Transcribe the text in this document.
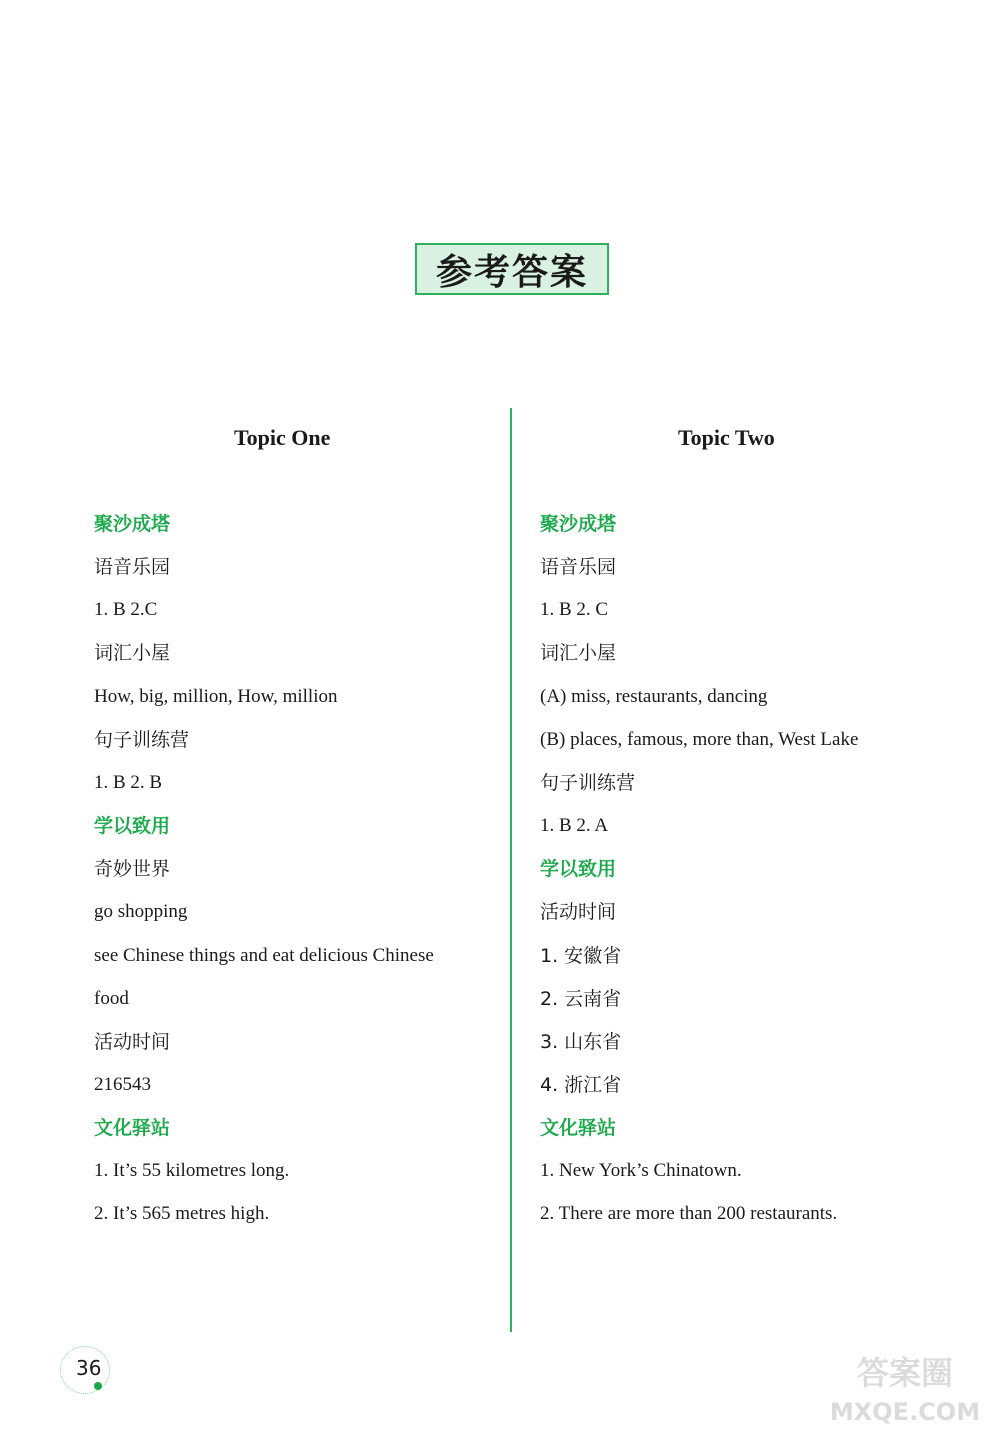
参考答案
Topic One
聚沙成塔
语音乐园
1. B 2.C
词汇小屋
How, big, million, How, million
句子训练营
1. B 2. B
学以致用
奇妙世界
go shopping
see Chinese things and eat delicious Chinese
food
活动时间
216543
文化驿站
1. It’s 55 kilometres long.
2. It’s 565 metres high.
Topic Two
聚沙成塔
语音乐园
1. B 2. C
词汇小屋
(A) miss, restaurants, dancing
(B) places, famous, more than, West Lake
句子训练营
1. B 2. A
学以致用
活动时间
1. 安徽省
2. 云南省
3. 山东省
4. 浙江省
文化驿站
1. New York’s Chinatown.
2. There are more than 200 restaurants.
36	答案圈
MXQE.COM
